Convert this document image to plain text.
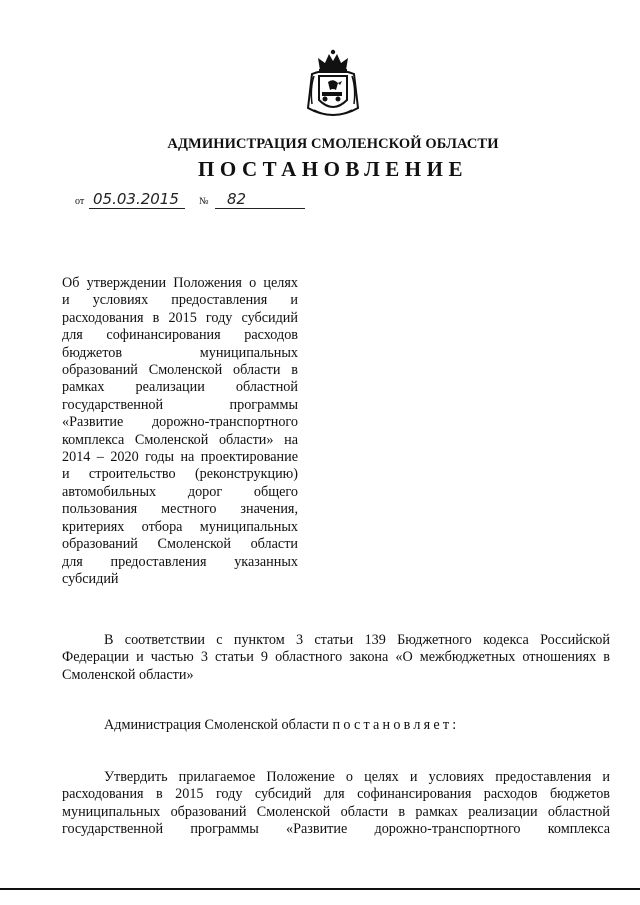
АДМИНИСТРАЦИЯ СМОЛЕНСКОЙ ОБЛАСТИ
ПОСТАНОВЛЕНИЕ
от 05.03.2015 № 82
Об утверждении Положения о целях
и условиях предоставления и
расходования в 2015 году субсидий
для софинансирования расходов
бюджетов муниципальных
образований Смоленской области в
рамках реализации областной
государственной программы
«Развитие дорожно-транспортного
комплекса Смоленской области» на
2014 – 2020 годы на проектирование
и строительство (реконструкцию)
автомобильных дорог общего
пользования местного значения,
критериях отбора муниципальных
образований Смоленской области
для предоставления указанных
субсидий
В соответствии с пунктом 3 статьи 139 Бюджетного кодекса Российской
Федерации и частью 3 статьи 9 областного закона «О межбюджетных отношениях в
Смоленской области»
Администрация Смоленской области постановляет:
Утвердить прилагаемое Положение о целях и условиях предоставления и
расходования в 2015 году субсидий для софинансирования расходов бюджетов
муниципальных образований Смоленской области в рамках реализации областной
государственной программы «Развитие дорожно-транспортного комплекса
